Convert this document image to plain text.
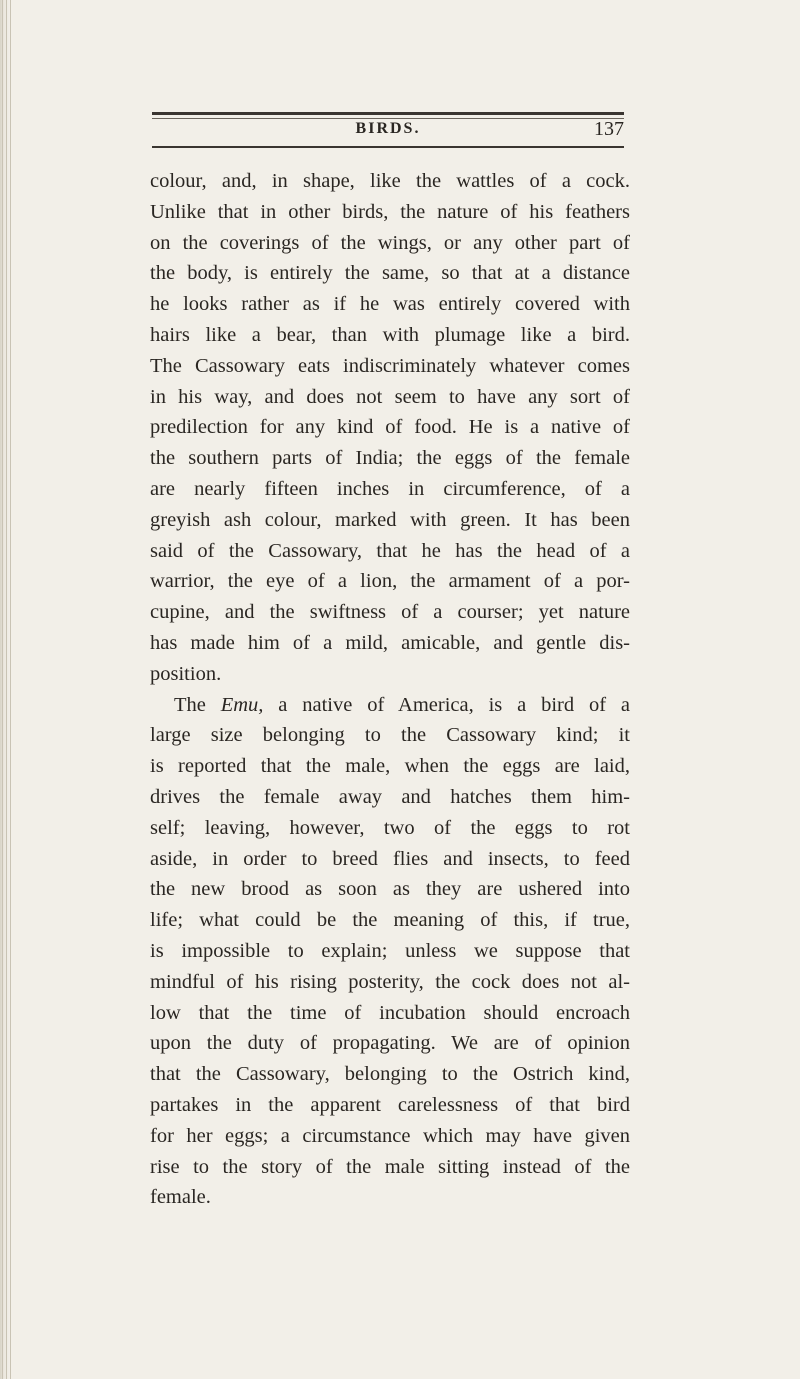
BIRDS.	137
colour, and, in shape, like the wattles of a cock.
Unlike that in other birds, the nature of his feathers
on the coverings of the wings, or any other part of
the body, is entirely the same, so that at a distance
he looks rather as if he was entirely covered with
hairs like a bear, than with plumage like a bird.
The Cassowary eats indiscriminately whatever comes
in his way, and does not seem to have any sort of
predilection for any kind of food. He is a native of
the southern parts of India; the eggs of the female
are nearly fifteen inches in circumference, of a
greyish ash colour, marked with green. It has been
said of the Cassowary, that he has the head of a
warrior, the eye of a lion, the armament of a por-
cupine, and the swiftness of a courser; yet nature
has made him of a mild, amicable, and gentle dis-
position.
The Emu, a native of America, is a bird of a
large size belonging to the Cassowary kind; it
is reported that the male, when the eggs are laid,
drives the female away and hatches them him-
self; leaving, however, two of the eggs to rot
aside, in order to breed flies and insects, to feed
the new brood as soon as they are ushered into
life; what could be the meaning of this, if true,
is impossible to explain; unless we suppose that
mindful of his rising posterity, the cock does not al-
low that the time of incubation should encroach
upon the duty of propagating. We are of opinion
that the Cassowary, belonging to the Ostrich kind,
partakes in the apparent carelessness of that bird
for her eggs; a circumstance which may have given
rise to the story of the male sitting instead of the
female.
